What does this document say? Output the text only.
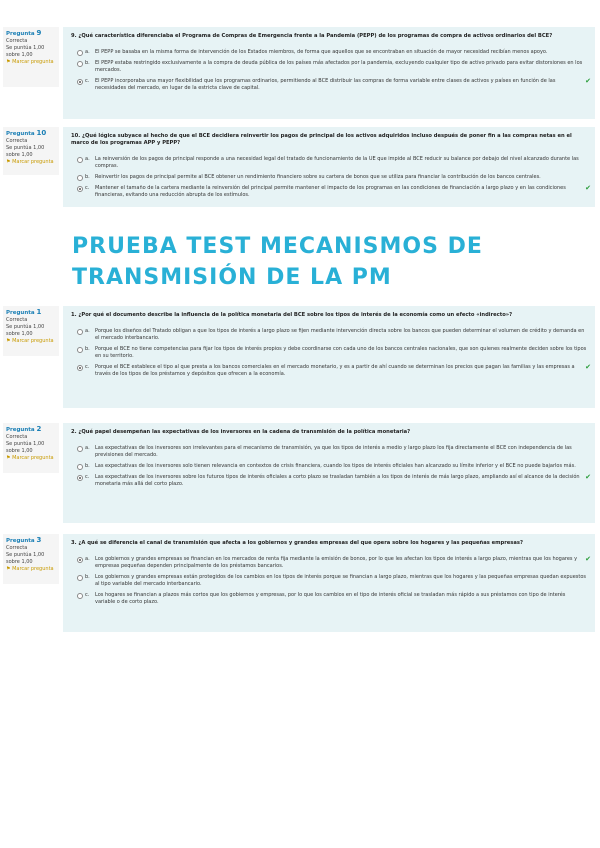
Pregunta 9
Correcta
Se puntúa 1,00 sobre 1,00
⚑ Marcar pregunta
9. ¿Qué característica diferenciaba el Programa de Compras de Emergencia frente a la Pandemia (PEPP) de los programas de compra de activos ordinarios del BCE?
a. El PEPP se basaba en la misma forma de intervención de los Estados miembros, de forma que aquellos que se encontraban en situación de mayor necesidad recibían menos apoyo.
b. El PEPP estaba restringido exclusivamente a la compra de deuda pública de los países más afectados por la pandemia, excluyendo cualquier tipo de activo privado para evitar distorsiones en los mercados.
c. El PEPP incorporaba una mayor flexibilidad que los programas ordinarios, permitiendo al BCE distribuir las compras de forma variable entre clases de activos y países en función de las necesidades del mercado, en lugar de la estricta clave de capital.
✔
Pregunta 10
Correcta
Se puntúa 1,00 sobre 1,00
⚑ Marcar pregunta
10. ¿Qué lógica subyace al hecho de que el BCE decidiera reinvertir los pagos de principal de los activos adquiridos incluso después de poner fin a las compras netas en el marco de los programas APP y PEPP?
a. La reinversión de los pagos de principal responde a una necesidad legal del tratado de funcionamiento de la UE que impide al BCE reducir su balance por debajo del nivel alcanzado durante las compras.
b. Reinvertir los pagos de principal permite al BCE obtener un rendimiento financiero sobre su cartera de bonos que se utiliza para financiar la contribución de los bancos centrales.
c. Mantener el tamaño de la cartera mediante la reinversión del principal permite mantener el impacto de los programas en las condiciones de financiación a largo plazo y en las condiciones financieras, evitando una reducción abrupta de los estímulos.
✔
PRUEBA TEST MECANISMOS DE TRANSMISIÓN DE LA PM
Pregunta 1
Correcta
Se puntúa 1,00 sobre 1,00
⚑ Marcar pregunta
1. ¿Por qué el documento describe la influencia de la política monetaria del BCE sobre los tipos de interés de la economía como un efecto «indirecto»?
a. Porque los diseños del Tratado obligan a que los tipos de interés a largo plazo se fijen mediante intervención directa sobre los bancos que pueden determinar el volumen de crédito y demanda en el mercado interbancario.
b. Porque el BCE no tiene competencias para fijar los tipos de interés propios y debe coordinarse con cada uno de los bancos centrales nacionales, que son quienes realmente deciden sobre los tipos en su territorio.
c. Porque el BCE establece el tipo al que presta a los bancos comerciales en el mercado monetario, y es a partir de ahí cuando se determinan los precios que pagan las familias y las empresas a través de los tipos de los préstamos y depósitos que ofrecen a la economía.
✔
Pregunta 2
Correcta
Se puntúa 1,00 sobre 1,00
⚑ Marcar pregunta
2. ¿Qué papel desempeñan las expectativas de los inversores en la cadena de transmisión de la política monetaria?
a. Las expectativas de los inversores son irrelevantes para el mecanismo de transmisión, ya que los tipos de interés a medio y largo plazo los fija directamente el BCE con independencia de las previsiones del mercado.
b. Las expectativas de los inversores solo tienen relevancia en contextos de crisis financiera, cuando los tipos de interés oficiales han alcanzado su límite inferior y el BCE no puede bajarlos más.
c. Las expectativas de los inversores sobre los futuros tipos de interés oficiales a corto plazo se trasladan también a los tipos de interés de más largo plazo, ampliando así el alcance de la decisión monetaria más allá del corto plazo.
✔
Pregunta 3
Correcta
Se puntúa 1,00 sobre 1,00
⚑ Marcar pregunta
3. ¿A qué se diferencia el canal de transmisión que afecta a los gobiernos y grandes empresas del que opera sobre los hogares y las pequeñas empresas?
a. Los gobiernos y grandes empresas se financian en los mercados de renta fija mediante la emisión de bonos, por lo que les afectan los tipos de interés a largo plazo, mientras que los hogares y empresas pequeñas dependen principalmente de los préstamos bancarios.
✔
b. Los gobiernos y grandes empresas están protegidos de los cambios en los tipos de interés porque se financian a largo plazo, mientras que los hogares y las pequeñas empresas quedan expuestos al tipo variable del mercado interbancario.
c. Los hogares se financian a plazos más cortos que los gobiernos y empresas, por lo que los cambios en el tipo de interés oficial se trasladan más rápido a sus préstamos con tipo de interés variable o de corto plazo.
